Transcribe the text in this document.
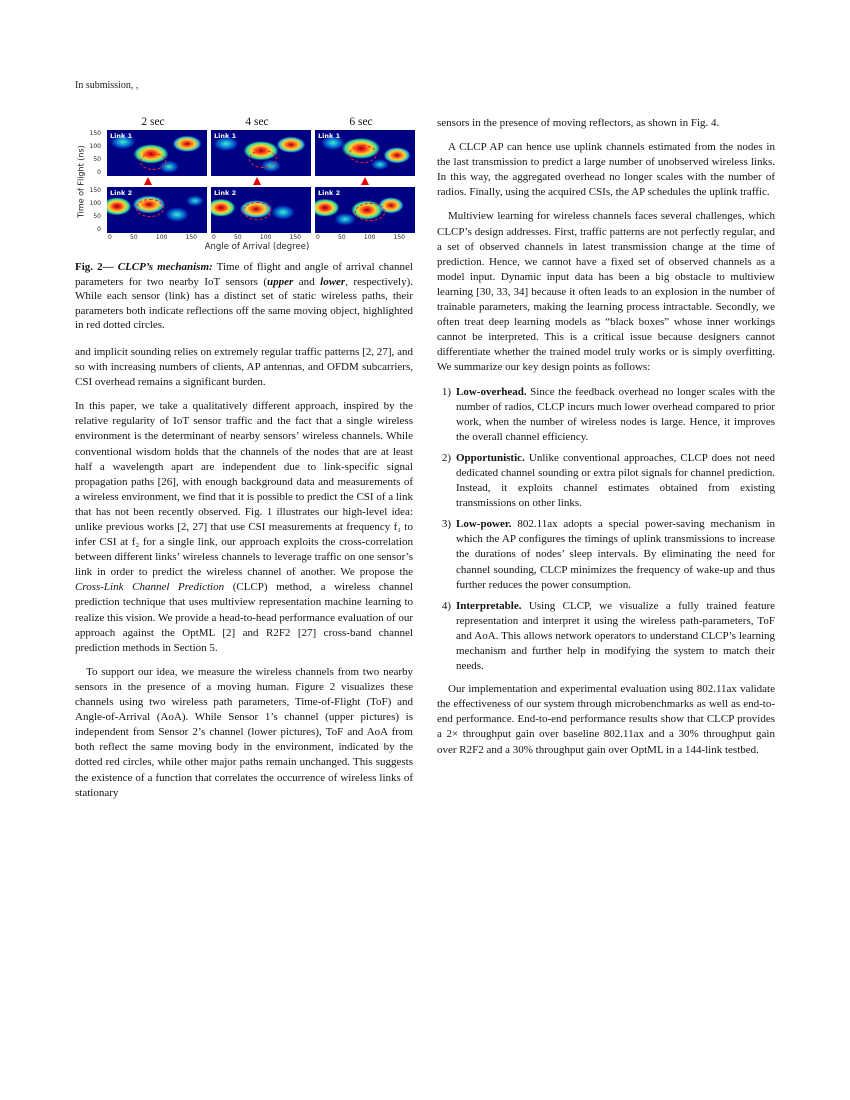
In submission, ,
2 sec	4 sec	6 sec
Time of Flight (ns)
150
100
50
0
Link 1	Link 1	Link 1
150
100
50
0
Link 2	Link 2	Link 2
0	50	100	150	0	50	100	150	0	50	100	150
Angle of Arrival (degree)

Fig. 2— CLCP’s mechanism: Time of flight and angle of arrival channel parameters for two nearby IoT sensors (upper and lower, respectively). While each sensor (link) has a distinct set of static wireless paths, their parameters both indicate reflections off the same moving object, highlighted in red dotted circles.

and implicit sounding relies on extremely regular traffic patterns [2, 27], and so with increasing numbers of clients, AP antennas, and OFDM subcarriers, CSI overhead remains a significant burden.

In this paper, we take a qualitatively different approach, inspired by the relative regularity of IoT sensor traffic and the fact that a single wireless environment is the determinant of nearby sensors’ wireless channels. While conventional wisdom holds that the channels of the nodes that are at least half a wavelength apart are independent due to link-specific signal propagation paths [26], with enough background data and measurements of a wireless environment, we find that it is possible to predict the CSI of a link that has not been recently observed. Fig. 1 illustrates our high-level idea: unlike previous works [2, 27] that use CSI measurements at frequency f₁ to infer CSI at f₂ for a single link, our approach exploits the cross-correlation between different links’ wireless channels to leverage traffic on one sensor’s link in order to predict the wireless channel of another. We propose the Cross-Link Channel Prediction (CLCP) method, a wireless channel prediction technique that uses multiview representation machine learning to realize this vision. We provide a head-to-head performance evaluation of our approach against the OptML [2] and R2F2 [27] cross-band channel prediction methods in Section 5.

To support our idea, we measure the wireless channels from two nearby sensors in the presence of a moving human. Figure 2 visualizes these channels using two wireless path parameters, Time-of-Flight (ToF) and Angle-of-Arrival (AoA). While Sensor 1’s channel (upper pictures) is independent from Sensor 2’s channel (lower pictures), ToF and AoA from both reflect the same moving body in the environment, indicated by the dotted red circles, while other major paths remain unchanged. This suggests the existence of a function that correlates the occurrence of wireless links of stationary

sensors in the presence of moving reflectors, as shown in Fig. 4.

A CLCP AP can hence use uplink channels estimated from the nodes in the last transmission to predict a large number of unobserved wireless links. In this way, the aggregated overhead no longer scales with the number of radios. Finally, using the acquired CSIs, the AP schedules the uplink traffic.

Multiview learning for wireless channels faces several challenges, which CLCP’s design addresses. First, traffic patterns are not perfectly regular, and a set of observed channels in latest transmission change at the time of prediction. Hence, we cannot have a fixed set of observed channels as a model input. Dynamic input data has been a big obstacle to multiview learning [30, 33, 34] because it often leads to an explosion in the number of trainable parameters, making the learning process intractable. Secondly, we often treat deep learning models as “black boxes” whose inner workings cannot be interpreted. This is a critical issue because designers cannot differentiate whether the trained model truly works or is simply overfitting. We summarize our key design points as follows:

1) Low-overhead. Since the feedback overhead no longer scales with the number of radios, CLCP incurs much lower overhead compared to prior work, when the number of wireless nodes is large. Hence, it improves the overall channel efficiency.
2) Opportunistic. Unlike conventional approaches, CLCP does not need dedicated channel sounding or extra pilot signals for channel prediction. Instead, it exploits channel estimates obtained from existing transmissions on other links.
3) Low-power. 802.11ax adopts a special power-saving mechanism in which the AP configures the timings of uplink transmissions to increase the durations of nodes’ sleep intervals. By eliminating the need for channel sounding, CLCP minimizes the frequency of wake-up and thus further reduces the power consumption.
4) Interpretable. Using CLCP, we visualize a fully trained feature representation and interpret it using the wireless path-parameters, ToF and AoA. This allows network operators to understand CLCP’s learning mechanism and further help in modifying the system to match their needs.

Our implementation and experimental evaluation using 802.11ax validate the effectiveness of our system through microbenchmarks as well as end-to-end performance. End-to-end performance results show that CLCP provides a 2× throughput gain over baseline 802.11ax and a 30% throughput gain over R2F2 and a 30% throughput gain over OptML in a 144-link testbed.
